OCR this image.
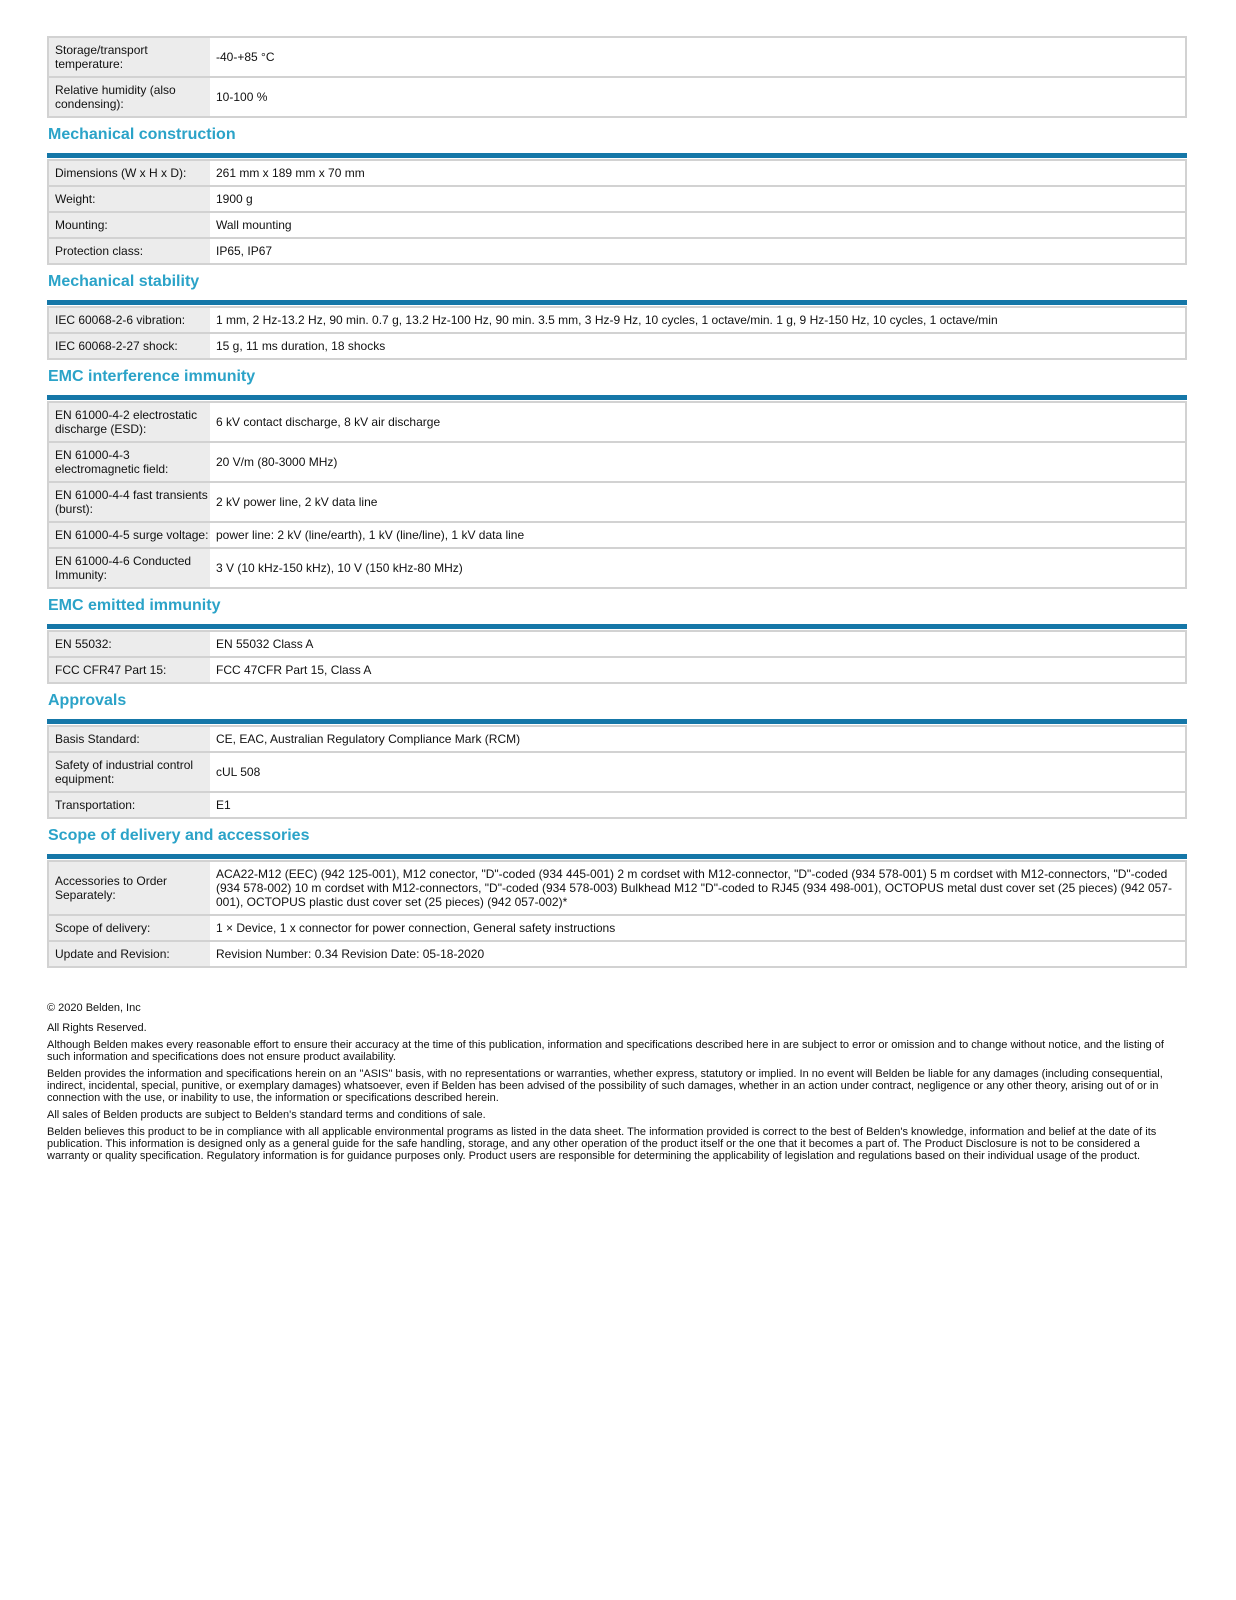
Storage/transport temperature:	-40-+85 °C
Relative humidity (also condensing):	10-100 %
Mechanical construction
Dimensions (W x H x D):	261 mm x 189 mm x 70 mm
Weight:	1900 g
Mounting:	Wall mounting
Protection class:	IP65, IP67
Mechanical stability
IEC 60068-2-6 vibration:	1 mm, 2 Hz-13.2 Hz, 90 min. 0.7 g, 13.2 Hz-100 Hz, 90 min. 3.5 mm, 3 Hz-9 Hz, 10 cycles, 1 octave/min. 1 g, 9 Hz-150 Hz, 10 cycles, 1 octave/min
IEC 60068-2-27 shock:	15 g, 11 ms duration, 18 shocks
EMC interference immunity
EN 61000-4-2 electrostatic discharge (ESD):	6 kV contact discharge, 8 kV air discharge
EN 61000-4-3 electromagnetic field:	20 V/m (80-3000 MHz)
EN 61000-4-4 fast transients (burst):	2 kV power line, 2 kV data line
EN 61000-4-5 surge voltage: power line: 2 kV (line/earth), 1 kV (line/line), 1 kV data line
EN 61000-4-6 Conducted Immunity:	3 V (10 kHz-150 kHz), 10 V (150 kHz-80 MHz)
EMC emitted immunity
EN 55032:	EN 55032 Class A
FCC CFR47 Part 15:	FCC 47CFR Part 15, Class A
Approvals
Basis Standard:	CE, EAC, Australian Regulatory Compliance Mark (RCM)
Safety of industrial control equipment:	cUL 508
Transportation:	E1
Scope of delivery and accessories
Accessories to Order Separately:
ACA22-M12 (EEC) (942 125-001), M12 conector, "D"-coded (934 445-001) 2 m cordset with M12-connector, "D"-coded (934 578-001) 5 m cordset with M12-connectors, "D"-coded (934 578-002) 10 m cordset with M12-connectors, "D"-coded (934 578-003) Bulkhead M12 "D"-coded to RJ45 (934 498-001), OCTOPUS metal dust cover set (25 pieces) (942 057-001), OCTOPUS plastic dust cover set (25 pieces) (942 057-002)*
Scope of delivery:	1 × Device, 1 x connector for power connection, General safety instructions
Update and Revision:	Revision Number: 0.34 Revision Date: 05-18-2020

© 2020 Belden, Inc

All Rights Reserved.

Although Belden makes every reasonable effort to ensure their accuracy at the time of this publication, information and specifications described here in are subject to error or omission and to change without notice, and the listing of such information and specifications does not ensure product availability.

Belden provides the information and specifications herein on an "ASIS" basis, with no representations or warranties, whether express, statutory or implied. In no event will Belden be liable for any damages (including consequential, indirect, incidental, special, punitive, or exemplary damages) whatsoever, even if Belden has been advised of the possibility of such damages, whether in an action under contract, negligence or any other theory, arising out of or in connection with the use, or inability to use, the information or specifications described herein.

All sales of Belden products are subject to Belden's standard terms and conditions of sale.

Belden believes this product to be in compliance with all applicable environmental programs as listed in the data sheet. The information provided is correct to the best of Belden's knowledge, information and belief at the date of its publication. This information is designed only as a general guide for the safe handling, storage, and any other operation of the product itself or the one that it becomes a part of. The Product Disclosure is not to be considered a warranty or quality specification. Regulatory information is for guidance purposes only. Product users are responsible for determining the applicability of legislation and regulations based on their individual usage of the product.
